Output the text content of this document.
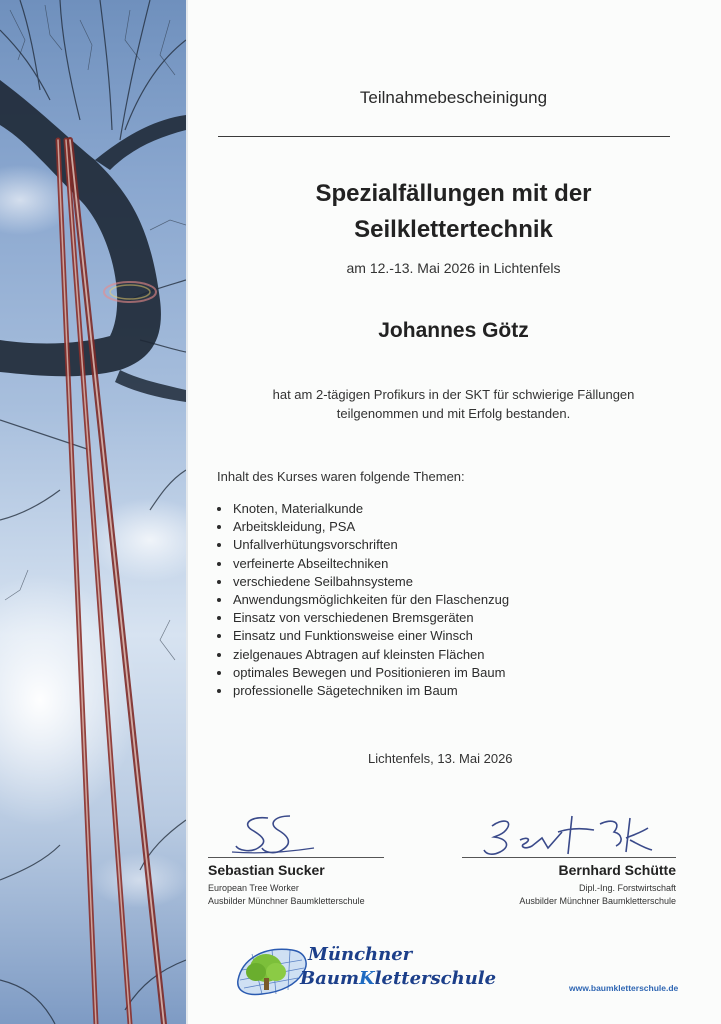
Teilnahmebescheinigung
Spezialfällungen mit der
Seilklettertechnik
am 12.-13. Mai 2026 in Lichtenfels
Johannes Götz
hat am 2-tägigen Profikurs in der SKT für schwierige Fällungen
teilgenommen und mit Erfolg bestanden.
Inhalt des Kurses waren folgende Themen:
Knoten, Materialkunde
Arbeitskleidung, PSA
Unfallverhütungsvorschriften
verfeinerte Abseiltechniken
verschiedene Seilbahnsysteme
Anwendungsmöglichkeiten für den Flaschenzug
Einsatz von verschiedenen Bremsgeräten
Einsatz und Funktionsweise einer Winsch
zielgenaues Abtragen auf kleinsten Flächen
optimales Bewegen und Positionieren im Baum
professionelle Sägetechniken im Baum
Lichtenfels, 13. Mai 2026
Sebastian Sucker
European Tree Worker
Ausbilder Münchner Baumkletterschule
Bernhard Schütte
Dipl.-Ing. Forstwirtschaft
Ausbilder Münchner Baumkletterschule
Münchner
BaumKletterschule	www.baumkletterschule.de
